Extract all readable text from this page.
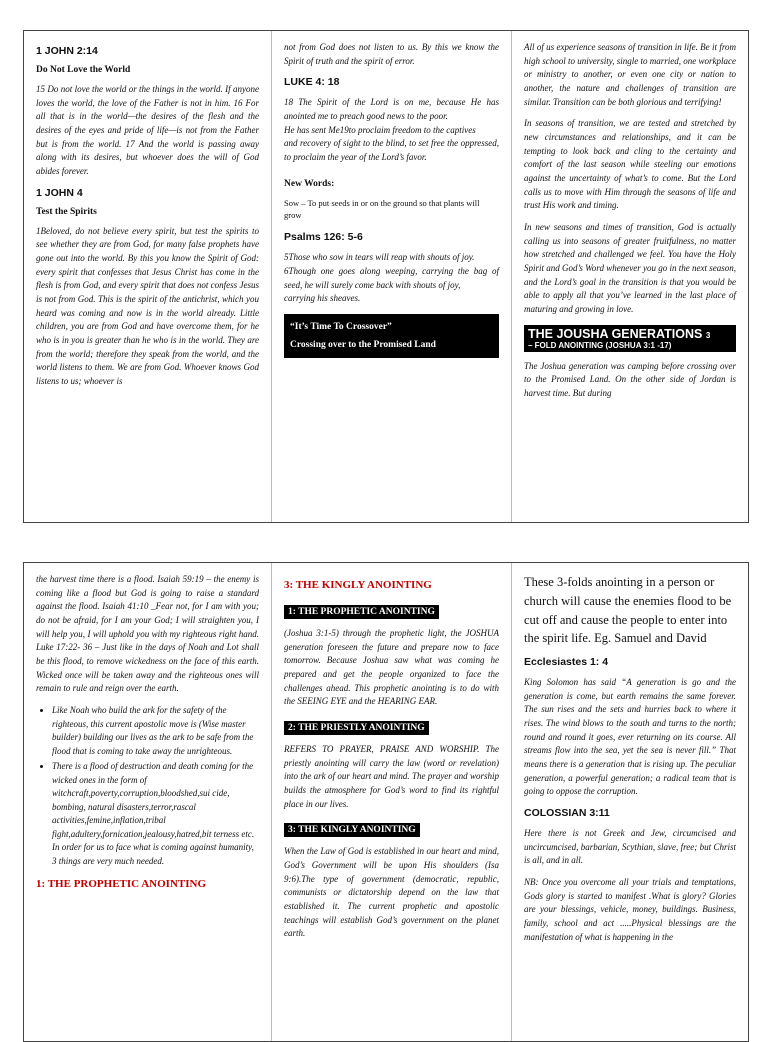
1 JOHN 2:14
Do Not Love the World

15 Do not love the world or the things in the world. If anyone loves the world, the love of the Father is not in him. 16 For all that is in the world—the desires of the flesh and the desires of the eyes and pride of life—is not from the Father but is from the world. 17 And the world is passing away along with its desires, but whoever does the will of God abides forever.

1 JOHN 4
Test the Spirits

1Beloved, do not believe every spirit, but test the spirits to see whether they are from God, for many false prophets have gone out into the world. By this you know the Spirit of God: every spirit that confesses that Jesus Christ has come in the flesh is from God, and every spirit that does not confess Jesus is not from God. This is the spirit of the antichrist, which you heard was coming and now is in the world already. Little children, you are from God and have overcome them, for he who is in you is greater than he who is in the world. They are from the world; therefore they speak from the world, and the world listens to them. We are from God. Whoever knows God listens to us; whoever is

not from God does not listen to us. By this we know the Spirit of truth and the spirit of error.

LUKE 4: 18

18 The Spirit of the Lord is on me, because He has anointed me to preach good news to the poor.

He has sent Me19to proclaim freedom to the captives

and recovery of sight to the blind, to set free the oppressed, to proclaim the year of the Lord’s favor.

New Words:

Sow – To put seeds in or on the ground so that plants will grow

Psalms 126: 5-6

5Those who sow in tears will reap with shouts of joy.

6Though one goes along weeping, carrying the bag of seed, he will surely come back with shouts of joy,

carrying his sheaves.

“It’s Time To Crossover”
Crossing over to the Promised Land

All of us experience seasons of transition in life. Be it from high school to university, single to married, one workplace or ministry to another, or even one city or nation to another, the nature and challenges of transition are similar. Transition can be both glorious and terrifying!

In seasons of transition, we are tested and stretched by new circumstances and relationships, and it can be tempting to look back and cling to the certainty and comfort of the last season while steeling our emotions against the uncertainty of what’s to come. But the Lord calls us to move with Him through the seasons of life and trust His work and timing.

In new seasons and times of transition, God is actually calling us into seasons of greater fruitfulness, no matter how stretched and challenged we feel. You have the Holy Spirit and God’s Word whenever you go in the next season, and the Lord’s goal in the transition is that you would be able to apply all that you’ve learned in the last place of maturing and growing in love.

THE JOUSHA GENERATIONS 3
– FOLD ANOINTING (JOSHUA 3:1 -17)

The Joshua generation was camping before crossing over to the Promised Land. On the other side of Jordan is harvest time. But during

the harvest time there is a flood. Isaiah 59:19 – the enemy is coming like a flood but God is going to raise a standard against the flood. Isaiah 41:10 _Fear not, for I am with you; do not be afraid, for I am your God; I will straighten you, I will help you, I will uphold you with my righteous right hand. Luke 17:22- 36 – Just like in the days of Noah and Lot shall be this flood, to remove wickedness on the face of this earth. Wicked once will be taken away and the righteous ones will remain to rule and reign over the earth.

• Like Noah who build the ark for the safety of the righteous, this current apostolic move is (Wise master builder) building our lives as the ark to be safe from the flood that is coming to take away the unrighteous.
• There is a flood of destruction and death coming for the wicked ones in the form of witchcraft,poverty,corruption,bloodshed,sui cide, bombing, natural disasters,terror,rascal activities,femine,inflation,tribal fight,adultery,fornication,jealousy,hatred,bit terness etc. In order for us to face what is coming against humanity, 3 things are very much needed.
1: THE PROPHETIC ANOINTING
3: THE KINGLY ANOINTING
1: THE PROPHETIC ANOINTING

(Joshua 3:1-5) through the prophetic light, the JOSHUA generation foreseen the future and prepare now to face tomorrow. Because Joshua saw what was coming he prepared and get the people organized to face the challenges ahead. This prophetic anointing is to do with the SEEING EYE and the HEARING EAR.

2: THE PRIESTLY ANOINTING

REFERS TO PRAYER, PRAISE AND WORSHIP. The priestly anointing will carry the law (word or revelation) into the ark of our heart and mind. The prayer and worship builds the atmosphere for God’s word to find its rightful place in our lives.

3: THE KINGLY ANOINTING

When the Law of God is established in our heart and mind, God’s Government will be upon His shoulders (Isa 9:6).The type of government (democratic, republic, communists or dictatorship depend on the law that established it. The current prophetic and apostolic teachings will establish God’s government on the planet earth.

These 3-folds anointing in a person or church will cause the enemies flood to be cut off and cause the people to enter into the spirit life. Eg. Samuel and David

Ecclesiastes 1: 4

King Solomon has said “A generation is go and the generation is come, but earth remains the same forever. The sun rises and the sets and hurries back to where it rises. The wind blows to the south and turns to the north; round and round it goes, ever returning on its course. All streams flow into the sea, yet the sea is never fill.” That means there is a generation that is rising up. The peculiar generation, a powerful generation; a radical team that is going to oppose the corruption.

COLOSSIAN 3:11

Here there is not Greek and Jew, circumcised and uncircumcised, barbarian, Scythian, slave, free; but Christ is all, and in all.

NB: Once you overcome all your trials and temptations, Gods glory is started to manifest .What is glory? Glories are your blessings, vehicle, money, buildings. Business, family, school and act .....Physical blessings are the manifestation of what is happening in the
